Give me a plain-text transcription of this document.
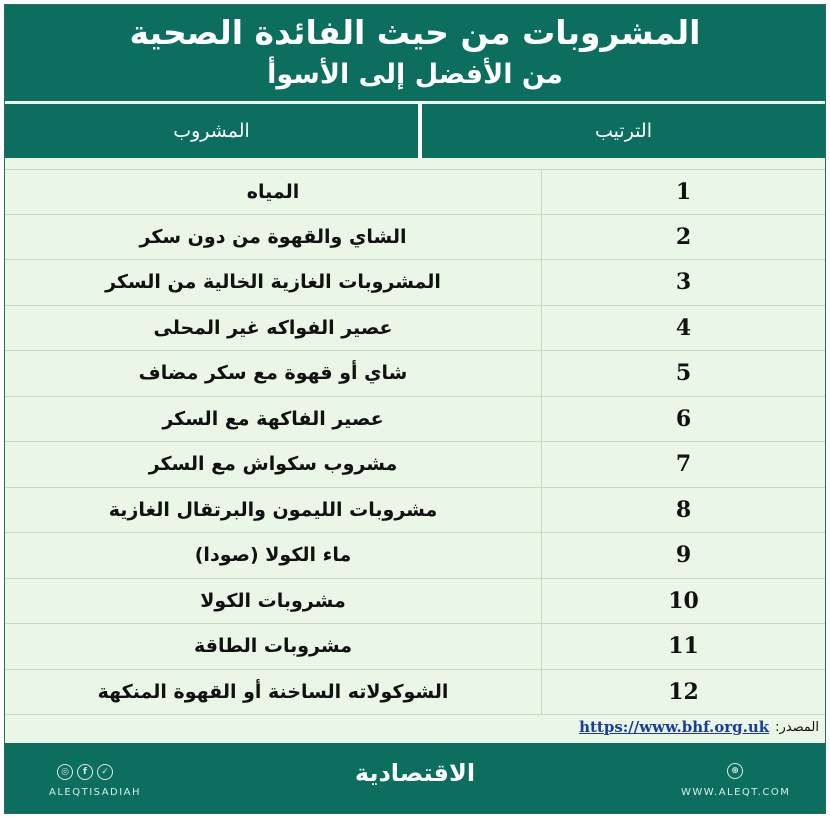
المشروبات من حيث الفائدة الصحية
من الأفضل إلى الأسوأ
المشروب	الترتيب
المياه	1
الشاي والقهوة من دون سكر	2
المشروبات الغازية الخالية من السكر	3
عصير الفواكه غير المحلى	4
شاي أو قهوة مع سكر مضاف	5
عصير الفاكهة مع السكر	6
مشروب سكواش مع السكر	7
مشروبات الليمون والبرتقال الغازية	8
ماء الكولا (صودا)	9
مشروبات الكولا	10
مشروبات الطاقة	11
الشوكولاته الساخنة أو القهوة المنكهة	12
المصدر:
https://www.bhf.org.uk
◎	f	✓
ALEQTISADIAH
الاقتصادية	⊕
WWW.ALEQT.COM
